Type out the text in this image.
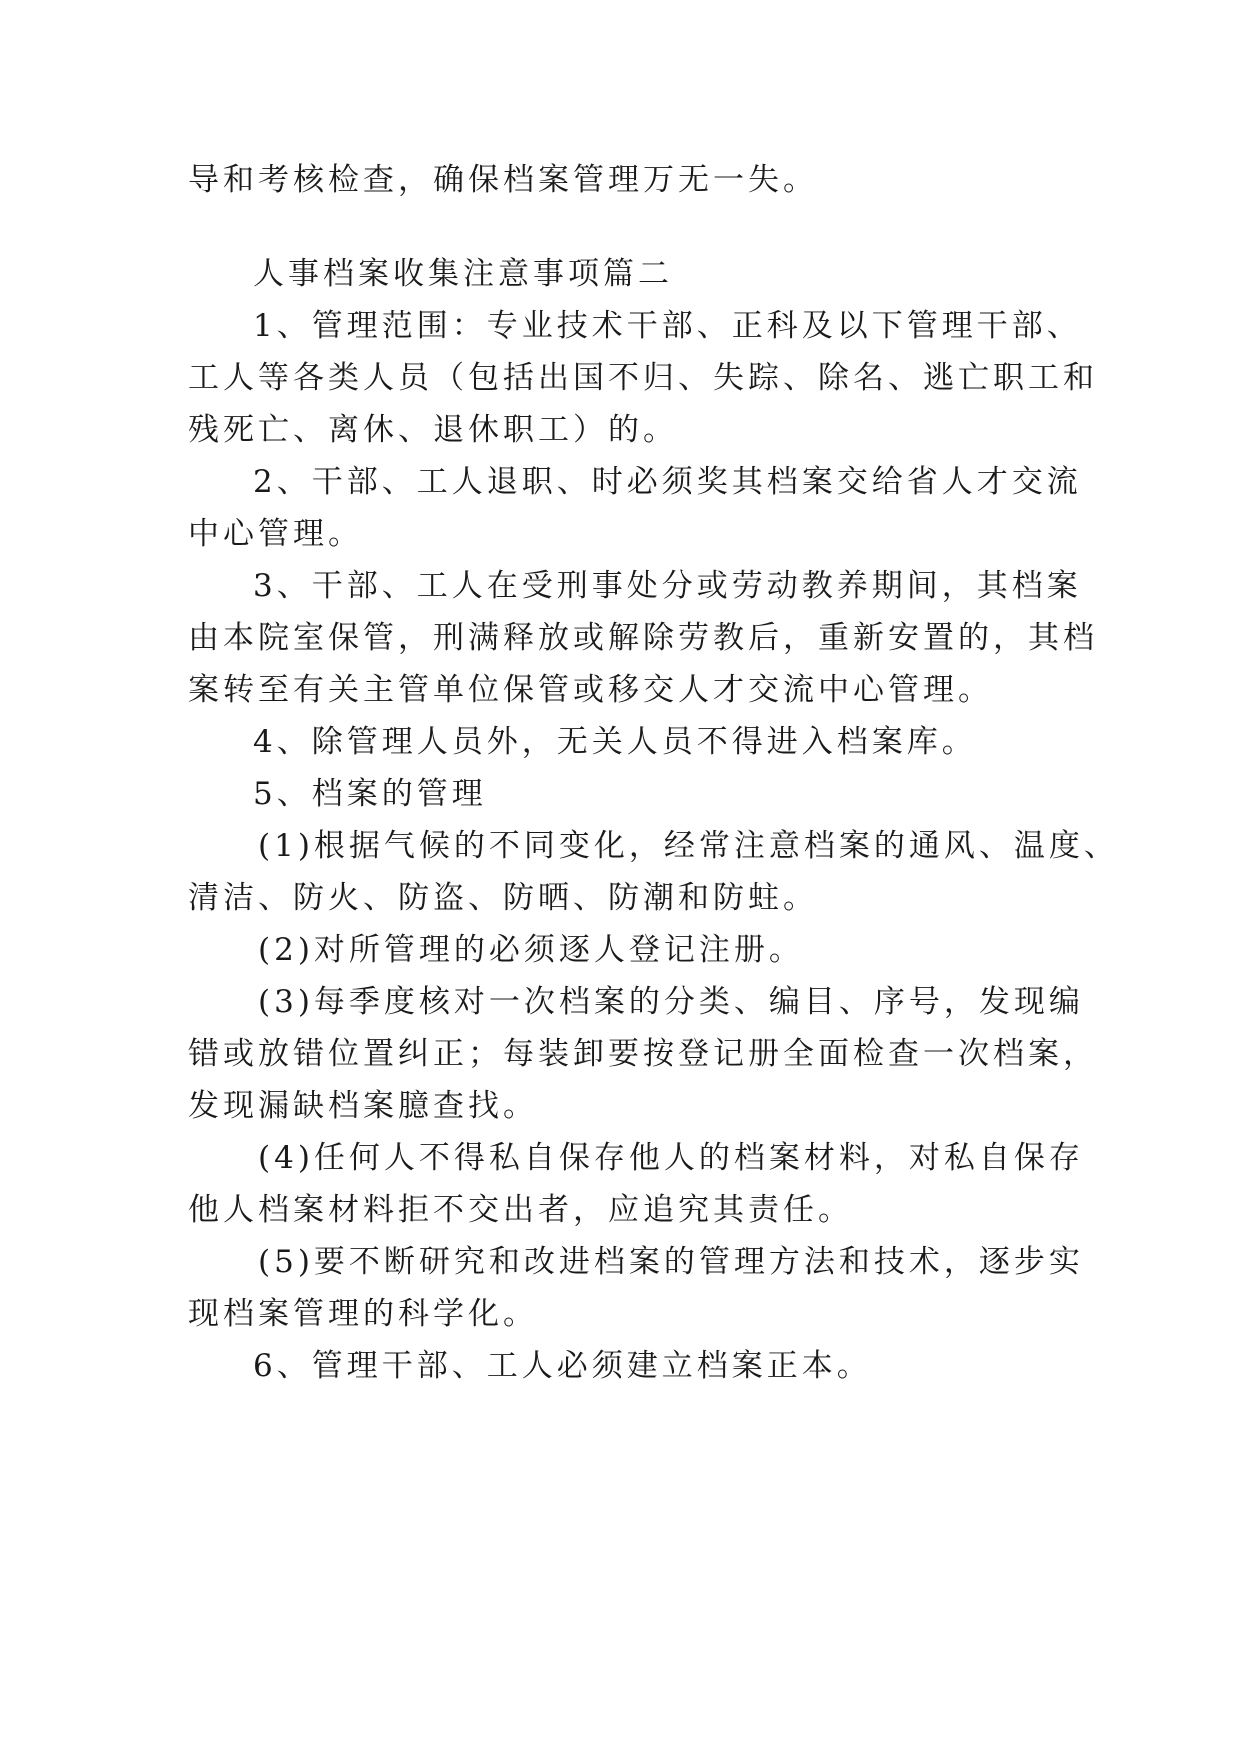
导和考核检查，确保档案管理万无一失。
人事档案收集注意事项篇二
1、管理范围：专业技术干部、正科及以下管理干部、
工人等各类人员（包括出国不归、失踪、除名、逃亡职工和
残死亡、离休、退休职工）的。
2、干部、工人退职、时必须奖其档案交给省人才交流
中心管理。
3、干部、工人在受刑事处分或劳动教养期间，其档案
由本院室保管，刑满释放或解除劳教后，重新安置的，其档
案转至有关主管单位保管或移交人才交流中心管理。
4、除管理人员外，无关人员不得进入档案库。
5、档案的管理
(1)根据气候的不同变化，经常注意档案的通风、温度、
清洁、防火、防盗、防晒、防潮和防蛀。
(2)对所管理的必须逐人登记注册。
(3)每季度核对一次档案的分类、编目、序号，发现编
错或放错位置纠正；每装卸要按登记册全面检查一次档案，
发现漏缺档案臆查找。
(4)任何人不得私自保存他人的档案材料，对私自保存
他人档案材料拒不交出者，应追究其责任。
(5)要不断研究和改进档案的管理方法和技术，逐步实
现档案管理的科学化。
6、管理干部、工人必须建立档案正本。
